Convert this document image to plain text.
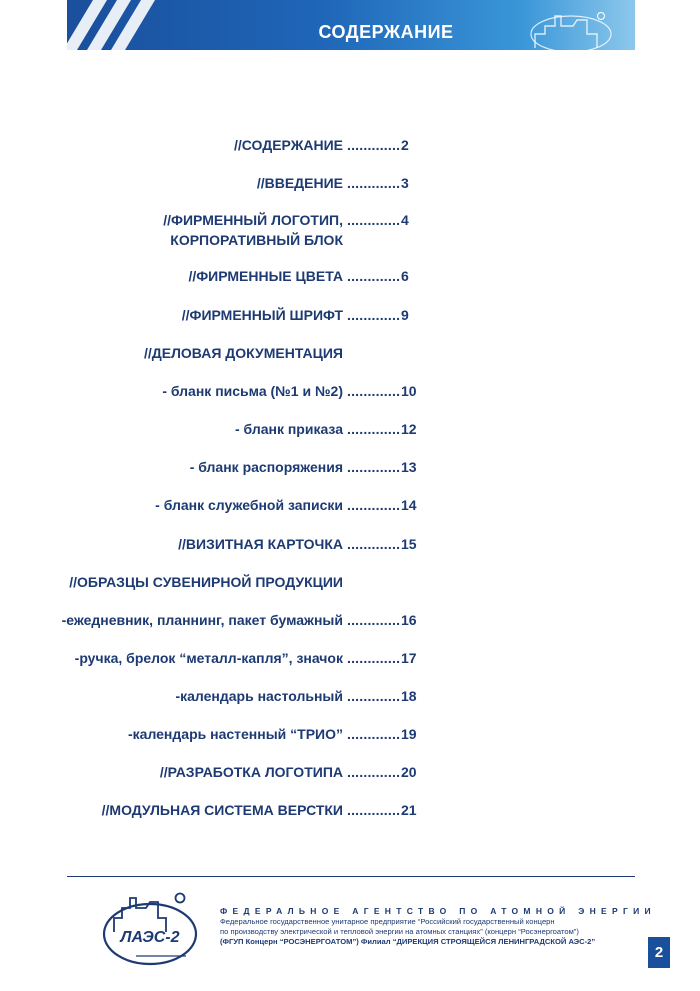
СОДЕРЖАНИЕ
//СОДЕРЖАНИЕ ............. 2
//ВВЕДЕНИЕ ............. 3
//ФИРМЕННЫЙ ЛОГОТИП, ............. 4
КОРПОРАТИВНЫЙ БЛОК
//ФИРМЕННЫЕ ЦВЕТА ............. 6
//ФИРМЕННЫЙ ШРИФТ ............. 9
//ДЕЛОВАЯ ДОКУМЕНТАЦИЯ
- бланк письма (№1 и №2) ............. 10
- бланк приказа ............. 12
- бланк распоряжения ............. 13
- бланк служебной записки ............. 14
//ВИЗИТНАЯ КАРТОЧКА ............. 15
//ОБРАЗЦЫ СУВЕНИРНОЙ ПРОДУКЦИИ
-ежедневник, планнинг, пакет бумажный ............. 16
-ручка, брелок “металл-капля”, значок ............. 17
-календарь настольный ............. 18
-календарь настенный “ТРИО” ............. 19
//РАЗРАБОТКА ЛОГОТИПА ............. 20
//МОДУЛЬНАЯ СИСТЕМА ВЕРСТКИ ............. 21
ЛАЭС-2
ФЕДЕРАЛЬНОЕ АГЕНТСТВО ПО АТОМНОЙ ЭНЕРГИИ
Федеральное государственное унитарное предприятие “Российский государственный концерн
по производству электрической и тепловой энергии на атомных станциях” (концерн “Росэнергоатом”)
(ФГУП Концерн “РОСЭНЕРГОАТОМ”) Филиал “ДИРЕКЦИЯ СТРОЯЩЕЙСЯ ЛЕНИНГРАДСКОЙ АЭС-2”
2
